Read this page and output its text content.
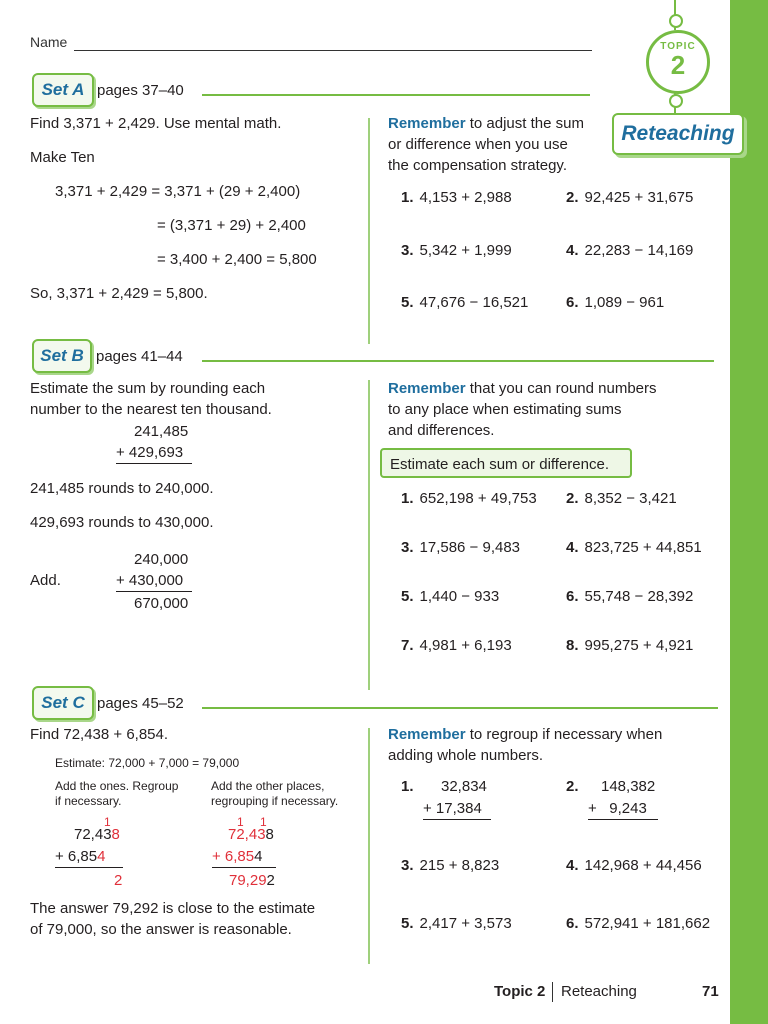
Name	TOPIC
2
Reteaching
Set A pages 37–40
Find 3,371 + 2,429. Use mental math.
Make Ten
3,371 + 2,429 = 3,371 + (29 + 2,400)
= (3,371 + 29) + 2,400
= 3,400 + 2,400 = 5,800
So, 3,371 + 2,429 = 5,800.
Remember to adjust the sum
or difference when you use
the compensation strategy.
1. 4,153 + 2,988	2. 92,425 + 31,675
3. 5,342 + 1,999	4. 22,283 − 14,169
5. 47,676 − 16,521	6. 1,089 − 961
Set B pages 41–44
Estimate the sum by rounding each
number to the nearest ten thousand.
241,485
+ 429,693
241,485 rounds to 240,000.
429,693 rounds to 430,000.
240,000
Add.	+ 430,000
670,000
Remember that you can round numbers
to any place when estimating sums
and differences.
Estimate each sum or difference.
1. 652,198 + 49,753 2. 8,352 − 3,421
3. 17,586 − 9,483	4. 823,725 + 44,851
5. 1,440 − 933	6. 55,748 − 28,392
7. 4,981 + 6,193	8. 995,275 + 4,921
Set C pages 45–52
Find 72,438 + 6,854.
Estimate: 72,000 + 7,000 = 79,000
Add the ones. Regroup
if necessary.
Add the other places,
regrouping if necessary.
1
72,438
+ 6,854
2
1 1
72,438
+ 6,854
79,292
The answer 79,292 is close to the estimate
of 79,000, so the answer is reasonable.
Remember to regroup if necessary when
adding whole numbers.
1.	32,834
+ 17,384
2.	148,382
+   9,243
3. 215 + 8,823	4. 142,968 + 44,456
5. 2,417 + 3,573	6. 572,941 + 181,662
Topic 2 Reteaching	71
